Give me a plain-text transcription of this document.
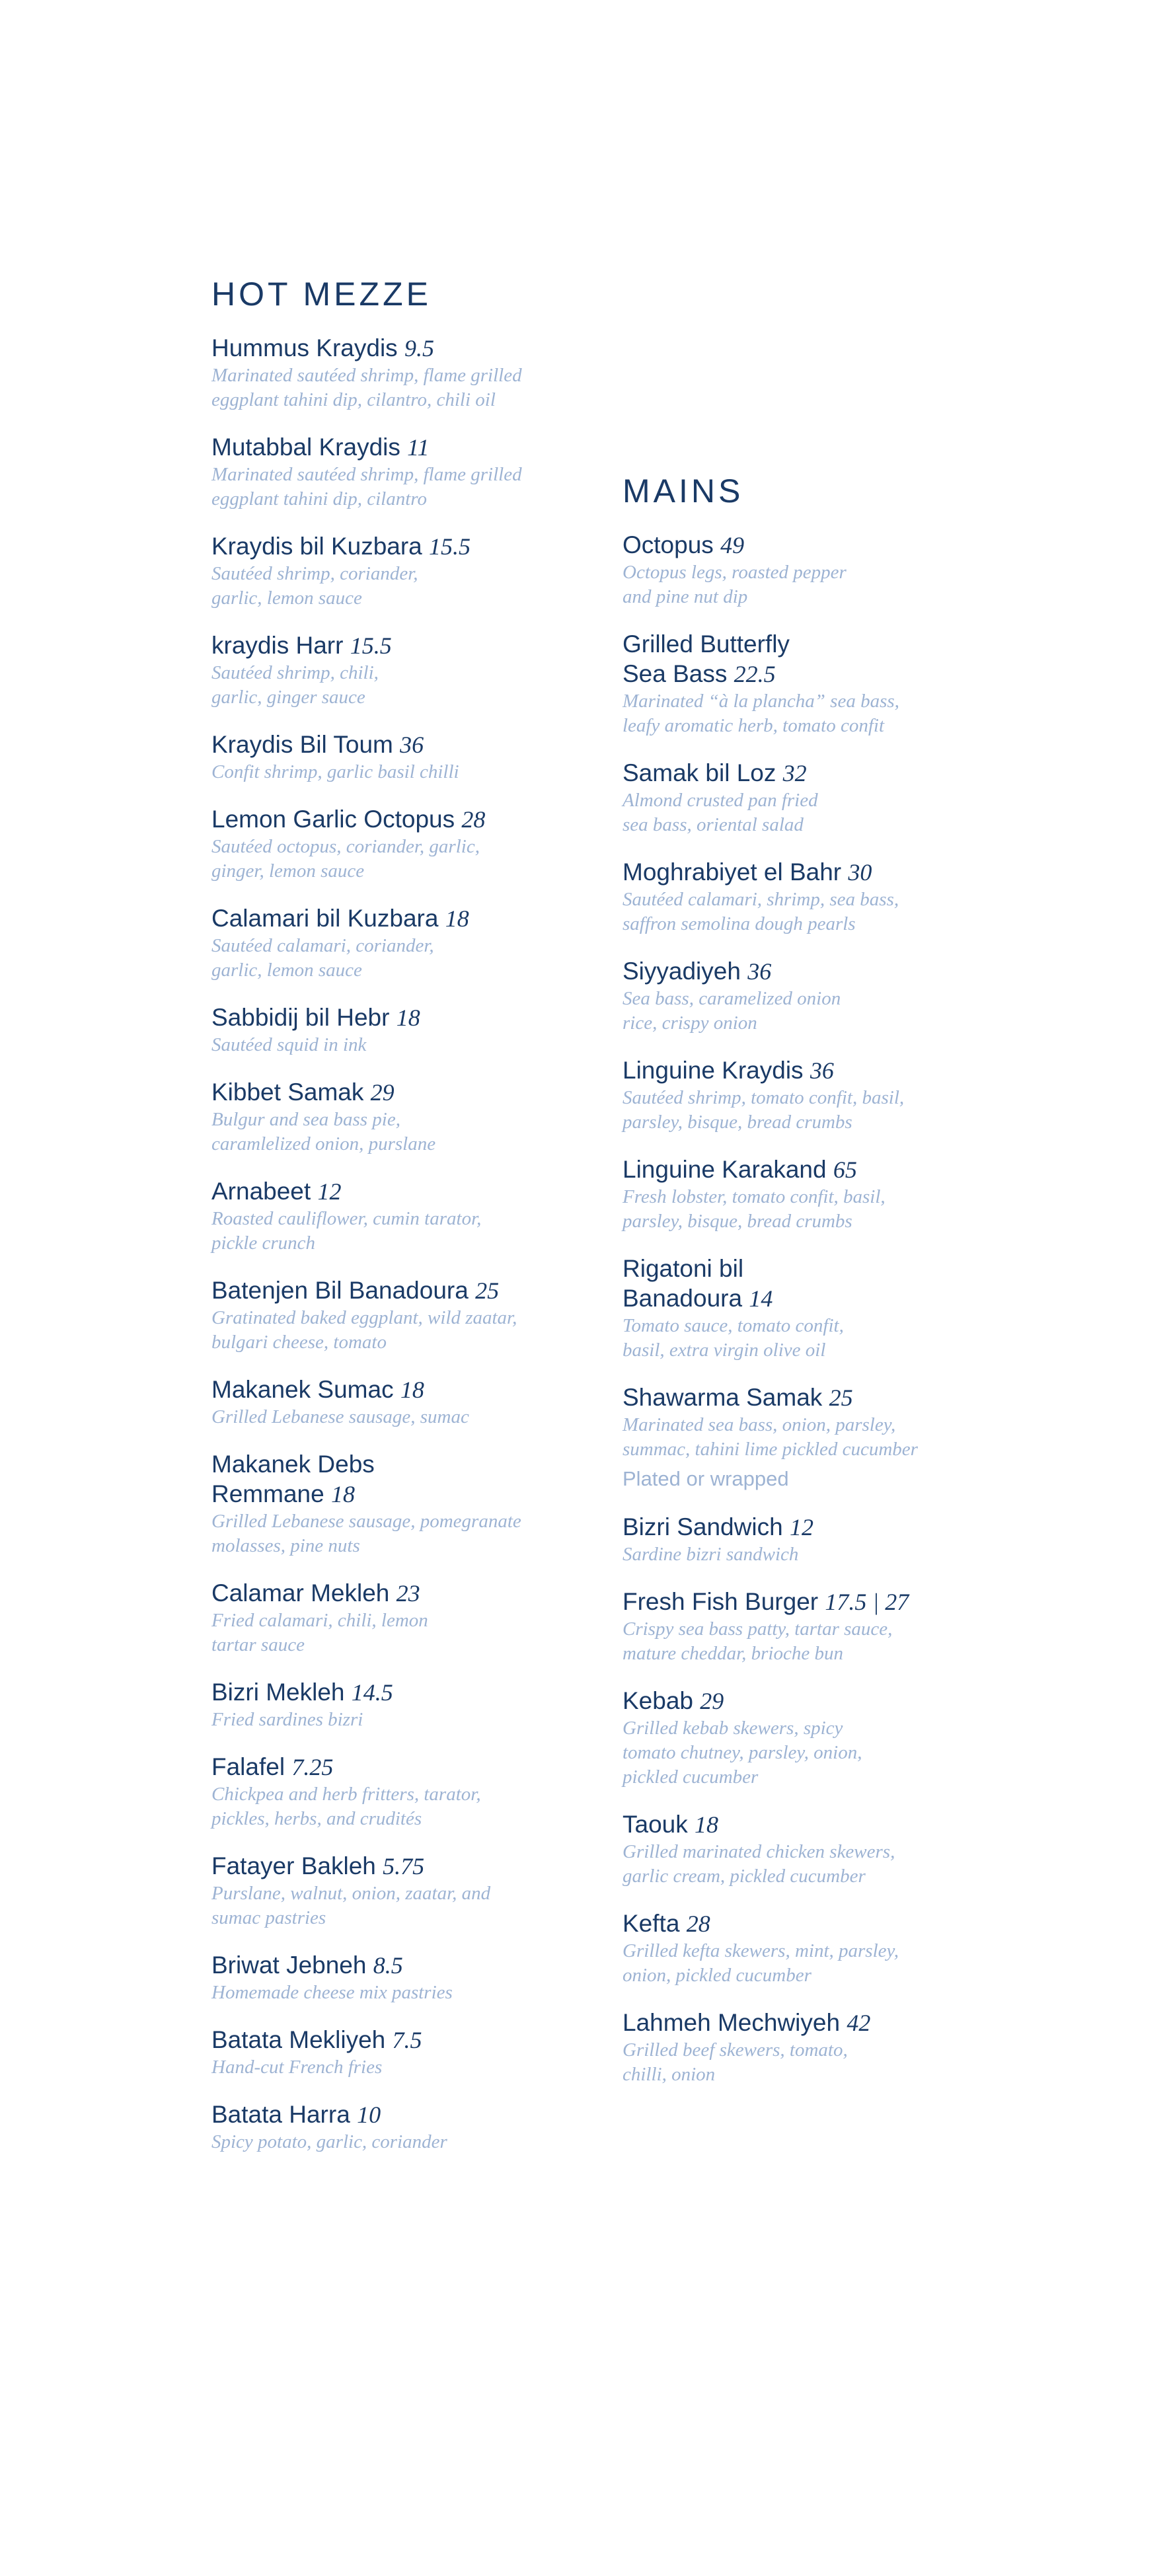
HOT MEZZE
Hummus Kraydis 9.5
Marinated sautéed shrimp, flame grilled
eggplant tahini dip, cilantro, chili oil
Mutabbal Kraydis 11
Marinated sautéed shrimp, flame grilled
eggplant tahini dip, cilantro
Kraydis bil Kuzbara 15.5
Sautéed shrimp, coriander,
garlic, lemon sauce
kraydis Harr 15.5
Sautéed shrimp, chili,
garlic, ginger sauce
Kraydis Bil Toum 36
Confit shrimp, garlic basil chilli
Lemon Garlic Octopus 28
Sautéed octopus, coriander, garlic,
ginger, lemon sauce
Calamari bil Kuzbara 18
Sautéed calamari, coriander,
garlic, lemon sauce
Sabbidij bil Hebr 18
Sautéed squid in ink
Kibbet Samak 29
Bulgur and sea bass pie,
caramlelized onion, purslane
Arnabeet 12
Roasted cauliflower, cumin tarator,
pickle crunch
Batenjen Bil Banadoura 25
Gratinated baked eggplant, wild zaatar,
bulgari cheese, tomato
Makanek Sumac 18
Grilled Lebanese sausage, sumac
Makanek Debs
Remmane 18
Grilled Lebanese sausage, pomegranate
molasses, pine nuts
Calamar Mekleh 23
Fried calamari, chili, lemon
tartar sauce
Bizri Mekleh 14.5
Fried sardines bizri
Falafel 7.25
Chickpea and herb fritters, tarator,
pickles, herbs, and crudités
Fatayer Bakleh 5.75
Purslane, walnut, onion, zaatar, and
sumac pastries
Briwat Jebneh 8.5
Homemade cheese mix pastries
Batata Mekliyeh 7.5
Hand-cut French fries
Batata Harra 10
Spicy potato, garlic, coriander
MAINS
Octopus 49
Octopus legs, roasted pepper
and pine nut dip
Grilled Butterfly
Sea Bass 22.5
Marinated “à la plancha” sea bass,
leafy aromatic herb, tomato confit
Samak bil Loz 32
Almond crusted pan fried
sea bass, oriental salad
Moghrabiyet el Bahr 30
Sautéed calamari, shrimp, sea bass,
saffron semolina dough pearls
Siyyadiyeh 36
Sea bass, caramelized onion
rice, crispy onion
Linguine Kraydis 36
Sautéed shrimp, tomato confit, basil,
parsley, bisque, bread crumbs
Linguine Karakand 65
Fresh lobster, tomato confit, basil,
parsley, bisque, bread crumbs
Rigatoni bil
Banadoura 14
Tomato sauce, tomato confit,
basil, extra virgin olive oil
Shawarma Samak 25
Marinated sea bass, onion, parsley,
summac, tahini lime pickled cucumber
Plated or wrapped
Bizri Sandwich 12
Sardine bizri sandwich
Fresh Fish Burger 17.5 | 27
Crispy sea bass patty, tartar sauce,
mature cheddar, brioche bun
Kebab 29
Grilled kebab skewers, spicy
tomato chutney, parsley, onion,
pickled cucumber
Taouk 18
Grilled marinated chicken skewers,
garlic cream, pickled cucumber
Kefta 28
Grilled kefta skewers, mint, parsley,
onion, pickled cucumber
Lahmeh Mechwiyeh 42
Grilled beef skewers, tomato,
chilli, onion
